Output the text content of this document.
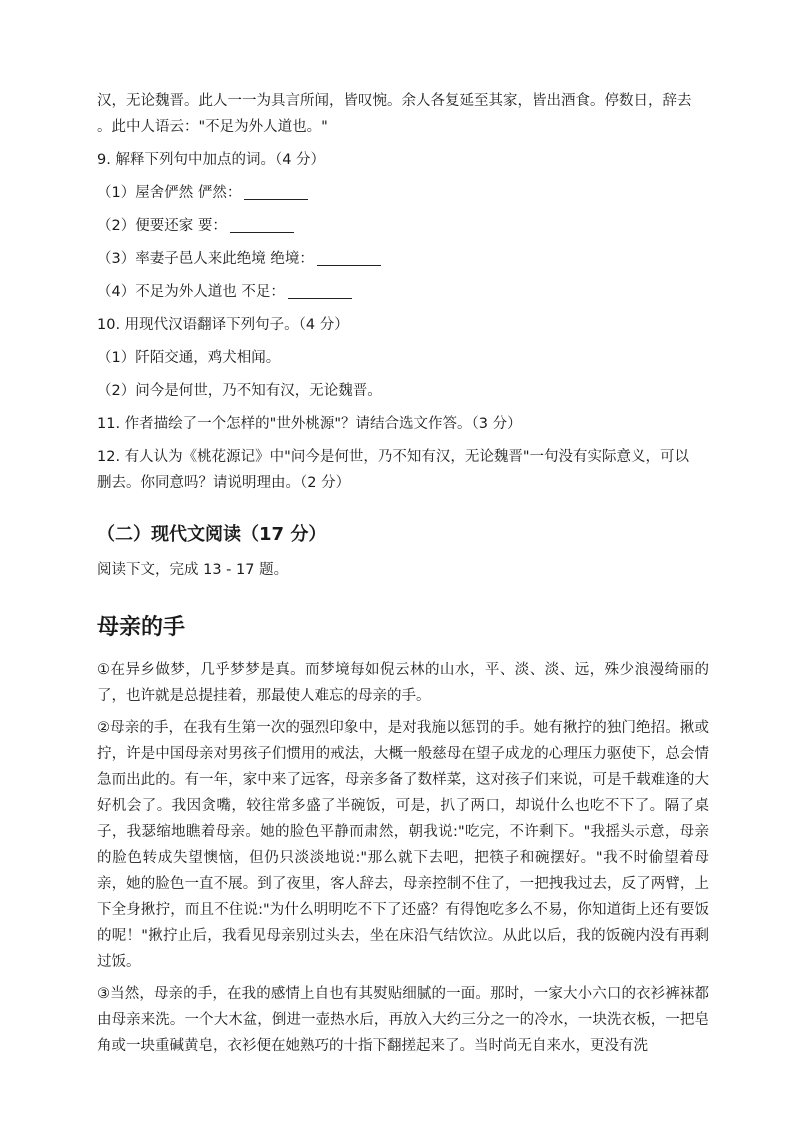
汉，无论魏晋。此人一一为具言所闻，皆叹惋。余人各复延至其家，皆出酒食。停数日，辞去

。此中人语云："不足为外人道也。"

9. 解释下列句中加点的词。（4 分）

（1）屋舍俨然 俨然：

（2）便要还家 要：

（3）率妻子邑人来此绝境 绝境：

（4）不足为外人道也 不足：

10. 用现代汉语翻译下列句子。（4 分）

（1）阡陌交通，鸡犬相闻。

（2）问今是何世，乃不知有汉，无论魏晋。

11. 作者描绘了一个怎样的"世外桃源"？请结合选文作答。（3 分）

12. 有人认为《桃花源记》中"问今是何世，乃不知有汉，无论魏晋"一句没有实际意义，可以

删去。你同意吗？请说明理由。（2 分）

（二）现代文阅读（17 分）

阅读下文，完成 13 - 17 题。

母亲的手

①在异乡做梦，几乎梦梦是真。而梦境每如倪云林的山水，平、淡、淡、远，殊少浪漫绮丽的了，也许就是总提挂着，那最使人难忘的母亲的手。

②母亲的手，在我有生第一次的强烈印象中，是对我施以惩罚的手。她有揪拧的独门绝招。揪或拧，许是中国母亲对男孩子们惯用的戒法，大概一般慈母在望子成龙的心理压力驱使下，总会情急而出此的。有一年，家中来了远客，母亲多备了数样菜，这对孩子们来说，可是千载难逢的大好机会了。我因贪嘴，较往常多盛了半碗饭，可是，扒了两口，却说什么也吃不下了。隔了桌子，我瑟缩地瞧着母亲。她的脸色平静而肃然，朝我说:"吃完，不许剩下。"我摇头示意，母亲的脸色转成失望懊恼，但仍只淡淡地说:"那么就下去吧，把筷子和碗摆好。"我不时偷望着母亲，她的脸色一直不展。到了夜里，客人辞去，母亲控制不住了，一把拽我过去，反了两臂，上下全身揪拧，而且不住说:"为什么明明吃不下了还盛？有得饱吃多么不易，你知道街上还有要饭的呢！"揪拧止后，我看见母亲别过头去，坐在床沿气结饮泣。从此以后，我的饭碗内没有再剩过饭。

③当然，母亲的手，在我的感情上自也有其熨贴细腻的一面。那时，一家大小六口的衣衫裤袜都由母亲来洗。一个大木盆，倒进一壶热水后，再放入大约三分之一的冷水，一块洗衣板，一把皂角或一块重碱黄皂，衣衫便在她熟巧的十指下翻搓起来了。当时尚无自来水，更没有洗
